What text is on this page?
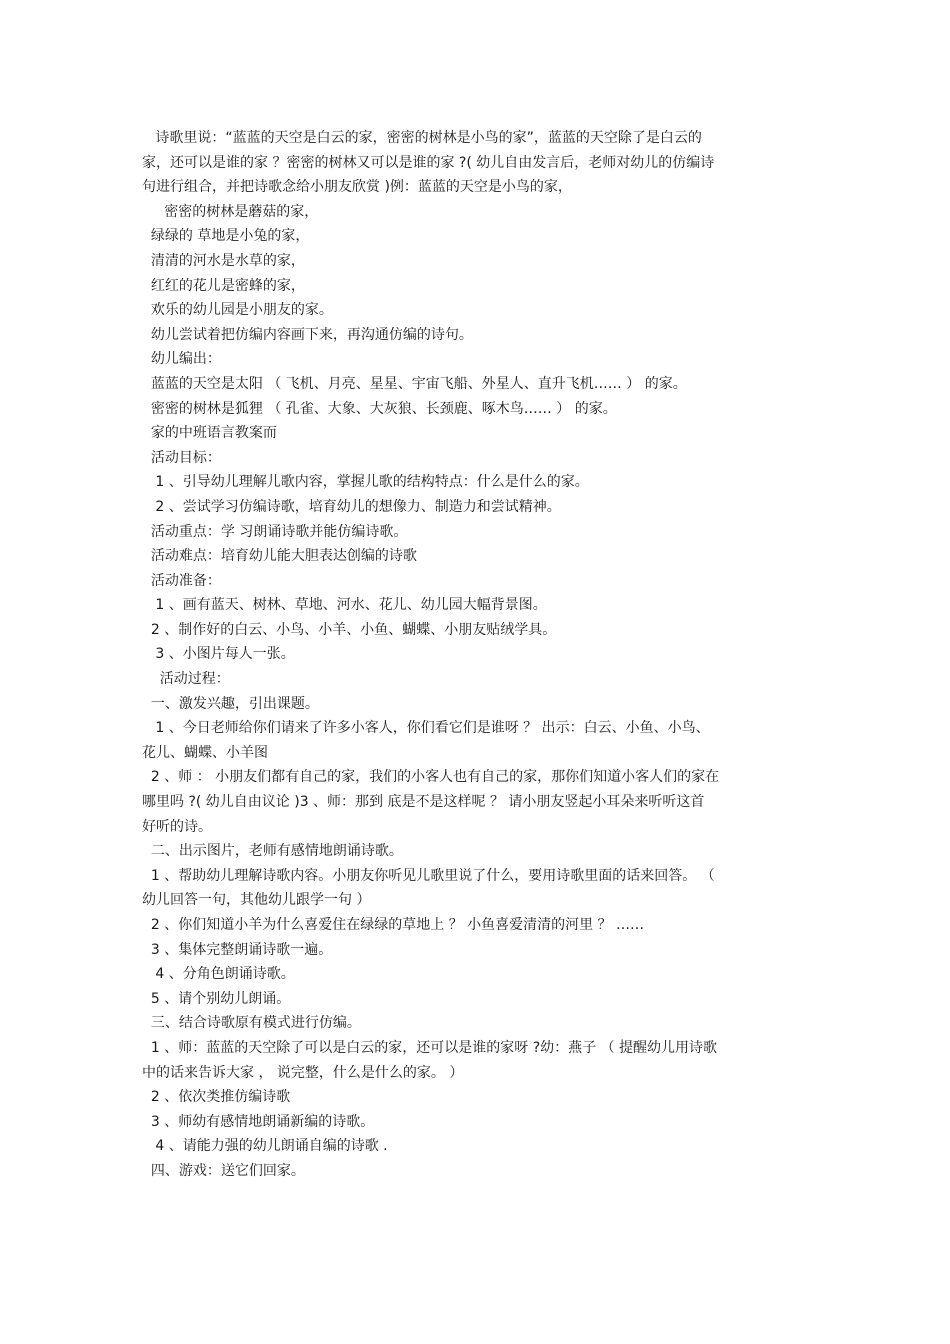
诗歌里说：“蓝蓝的天空是白云的家，密密的树林是小鸟的家”，蓝蓝的天空除了是白云的
家，还可以是谁的家 ？密密的树林又可以是谁的家 ?( 幼儿自由发言后，老师对幼儿的仿编诗
句进行组合，并把诗歌念给小朋友欣赏 )例：蓝蓝的天空是小鸟的家，
密密的树林是蘑菇的家，
绿绿的 草地是小兔的家，
清清的河水是水草的家，
红红的花儿是密蜂的家，
欢乐的幼儿园是小朋友的家。
幼儿尝试着把仿编内容画下来，再沟通仿编的诗句。
幼儿编出：
蓝蓝的天空是太阳 （ 飞机、月亮、星星、宇宙飞船、外星人、直升飞机…… ） 的家。
密密的树林是狐狸 （ 孔雀、大象、大灰狼、长颈鹿、啄木鸟…… ） 的家。
家的中班语言教案而
活动目标：
1 、引导幼儿理解儿歌内容，掌握儿歌的结构特点：什么是什么的家。
2 、尝试学习仿编诗歌，培育幼儿的想像力、制造力和尝试精神。
活动重点：学 习朗诵诗歌并能仿编诗歌。
活动难点：培育幼儿能大胆表达创编的诗歌
活动准备：
1 、画有蓝天、树林、草地、河水、花儿、幼儿园大幅背景图。
2 、制作好的白云、小鸟、小羊、小鱼、蝴蝶、小朋友贴绒学具。
3 、小图片每人一张。
活动过程：
一、激发兴趣，引出课题。
1 、今日老师给你们请来了许多小客人，你们看它们是谁呀 ？ 出示：白云、小鱼、小鸟、
花儿、蝴蝶、小羊图
2 、师 ： 小朋友们都有自己的家，我们的小客人也有自己的家，那你们知道小客人们的家在
哪里吗 ?( 幼儿自由议论 )3 、师：那到 底是不是这样呢 ？ 请小朋友竖起小耳朵来听听这首
好听的诗。
二、出示图片，老师有感情地朗诵诗歌。
1 、帮助幼儿理解诗歌内容。小朋友你听见儿歌里说了什么，要用诗歌里面的话来回答。 （
幼儿回答一句，其他幼儿跟学一句 ）
2 、你们知道小羊为什么喜爱住在绿绿的草地上 ？ 小鱼喜爱清清的河里 ？ ……
3 、集体完整朗诵诗歌一遍。
4 、分角色朗诵诗歌。
5 、请个别幼儿朗诵。
三、结合诗歌原有模式进行仿编。
1 、师：蓝蓝的天空除了可以是白云的家，还可以是谁的家呀 ?幼：燕子 （ 提醒幼儿用诗歌
中的话来告诉大家 ， 说完整，什么是什么的家。 ）
2 、依次类推仿编诗歌
3 、师幼有感情地朗诵新编的诗歌。
4 、请能力强的幼儿朗诵自编的诗歌 .
四、游戏：送它们回家。
